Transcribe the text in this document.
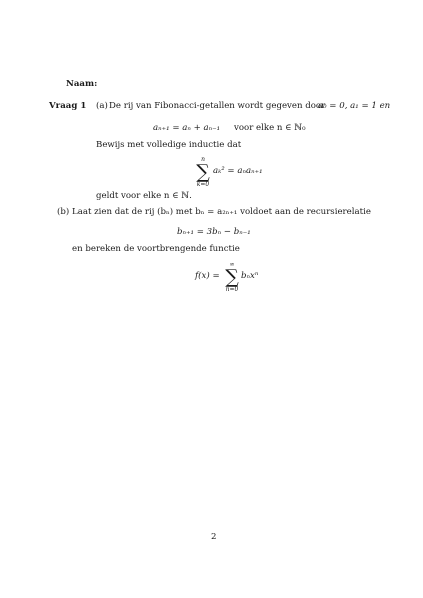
Naam:
Vraag 1 (a) De rij van Fibonacci-getallen wordt gegeven door
a₀ = 0, a₁ = 1 en
aₙ₊₁ = aₙ + aₙ₋₁ voor elke n ∈ ℕ₀
Bewijs met volledige inductie dat
n
∑
k=0
aₖ² = aₙaₙ₊₁
geldt voor elke n ∈ ℕ.
(b) Laat zien dat de rij (bₙ) met bₙ = a₂ₙ₊₁ voldoet aan de recursierelatie
bₙ₊₁ = 3bₙ − bₙ₋₁
en bereken de voortbrengende functie
f(x) =
∞
∑
n=0
bₙxⁿ
2
